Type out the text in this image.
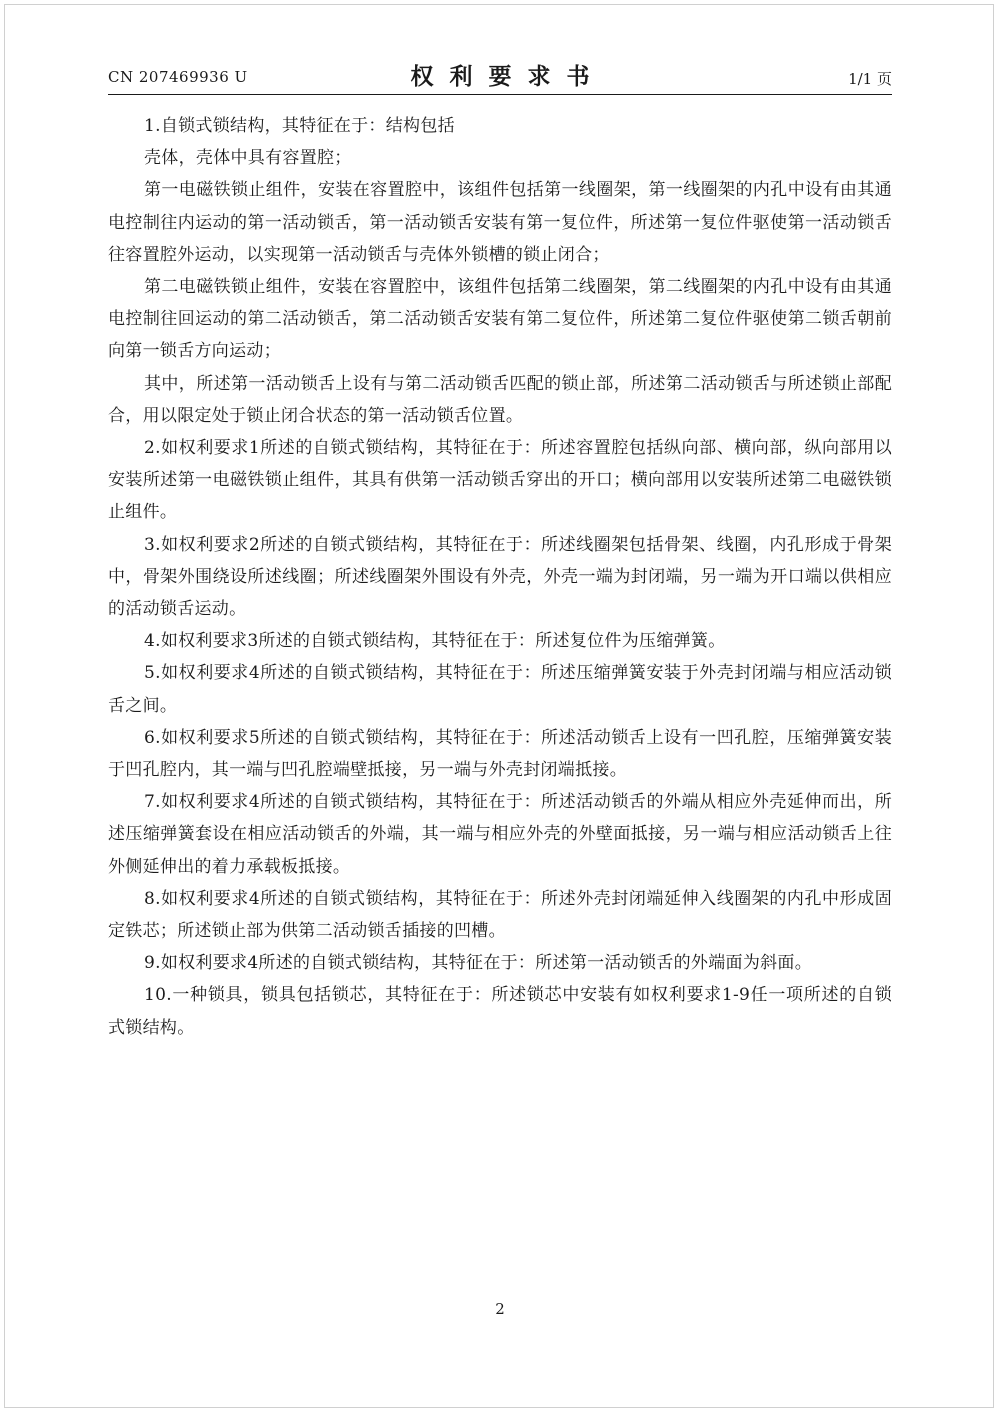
CN 207469936 U	权利要求书	1/1 页

1.自锁式锁结构，其特征在于：结构包括

壳体，壳体中具有容置腔；

第一电磁铁锁止组件，安装在容置腔中，该组件包括第一线圈架，第一线圈架的内孔中设有由其通电控制往内运动的第一活动锁舌，第一活动锁舌安装有第一复位件，所述第一复位件驱使第一活动锁舌往容置腔外运动，以实现第一活动锁舌与壳体外锁槽的锁止闭合；

第二电磁铁锁止组件，安装在容置腔中，该组件包括第二线圈架，第二线圈架的内孔中设有由其通电控制往回运动的第二活动锁舌，第二活动锁舌安装有第二复位件，所述第二复位件驱使第二锁舌朝前向第一锁舌方向运动；

其中，所述第一活动锁舌上设有与第二活动锁舌匹配的锁止部，所述第二活动锁舌与所述锁止部配合，用以限定处于锁止闭合状态的第一活动锁舌位置。

2.如权利要求1所述的自锁式锁结构，其特征在于：所述容置腔包括纵向部、横向部，纵向部用以安装所述第一电磁铁锁止组件，其具有供第一活动锁舌穿出的开口；横向部用以安装所述第二电磁铁锁止组件。

3.如权利要求2所述的自锁式锁结构，其特征在于：所述线圈架包括骨架、线圈，内孔形成于骨架中，骨架外围绕设所述线圈；所述线圈架外围设有外壳，外壳一端为封闭端，另一端为开口端以供相应的活动锁舌运动。

4.如权利要求3所述的自锁式锁结构，其特征在于：所述复位件为压缩弹簧。

5.如权利要求4所述的自锁式锁结构，其特征在于：所述压缩弹簧安装于外壳封闭端与相应活动锁舌之间。

6.如权利要求5所述的自锁式锁结构，其特征在于：所述活动锁舌上设有一凹孔腔，压缩弹簧安装于凹孔腔内，其一端与凹孔腔端壁抵接，另一端与外壳封闭端抵接。

7.如权利要求4所述的自锁式锁结构，其特征在于：所述活动锁舌的外端从相应外壳延伸而出，所述压缩弹簧套设在相应活动锁舌的外端，其一端与相应外壳的外壁面抵接，另一端与相应活动锁舌上往外侧延伸出的着力承载板抵接。

8.如权利要求4所述的自锁式锁结构，其特征在于：所述外壳封闭端延伸入线圈架的内孔中形成固定铁芯；所述锁止部为供第二活动锁舌插接的凹槽。

9.如权利要求4所述的自锁式锁结构，其特征在于：所述第一活动锁舌的外端面为斜面。

10.一种锁具，锁具包括锁芯，其特征在于：所述锁芯中安装有如权利要求1-9任一项所述的自锁式锁结构。

2
